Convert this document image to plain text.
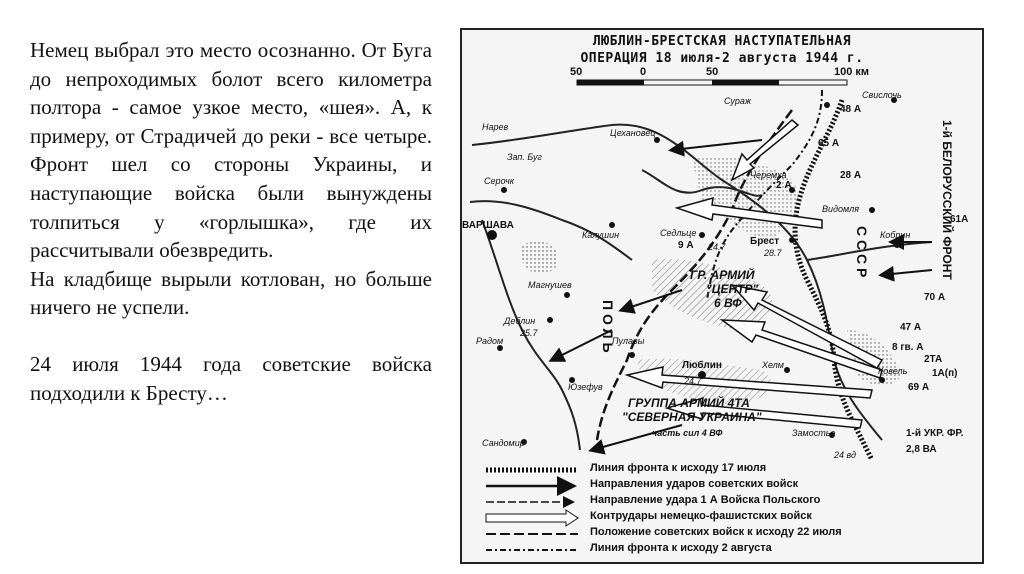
Немец выбрал это место осознанно. От Буга до непроходимых болот всего километра полтора - самое узкое место, «шея». А, к примеру, от Страдичей до реки - все четыре. Фронт шел со стороны Украины, и наступающие войска были вынуждены толпиться у «горлышка», где их рассчитывали обезвредить.

На кладбище вырыли котлован, но больше ничего не успели.

24 июля 1944 года советские войска подходили к Бресту…

ЛЮБЛИН-БРЕСТСКАЯ НАСТУПАТЕЛЬНАЯ
ОПЕРАЦИЯ 18 июля-2 августа 1944 г.
50	0	50	100 км
Нарев
Сураж
Свислочь
Цехановец
Зап. Буг
Серочк
Черемха
Видомля
ВАРШАВА
Калушин	Седльце
Брест
Кобрин
Магнушев
Деблин
Радом	Пулавы
Люблин	Хелм
Ковель
Юзефув
Сандомир
Замостье
48 А
65 А
28 А
61А
2 А
9 А
70 А
47 А
8 гв. А
2ТА
1А(п)
69 А
2,8 ВА
1-й УКР. ФР.
1-й БЕЛОРУССКИЙ ФРОНТ
ГР. АРМИЙ
"ЦЕНТР"
6 ВФ
ГРУППА АРМИЙ 4ТА
"СЕВЕРНАЯ УКРАИНА"
часть сил 4 ВФ
П О Л Ь
С С С Р
24.7
25.7
28.7
24.7
24 вд
Линия фронта к исходу 17 июля
Направления ударов советских войск
Направление удара 1 А Войска Польского
Контрудары немецко-фашистских войск
Положение советских войск к исходу 22 июля
Линия фронта к исходу 2 августа
